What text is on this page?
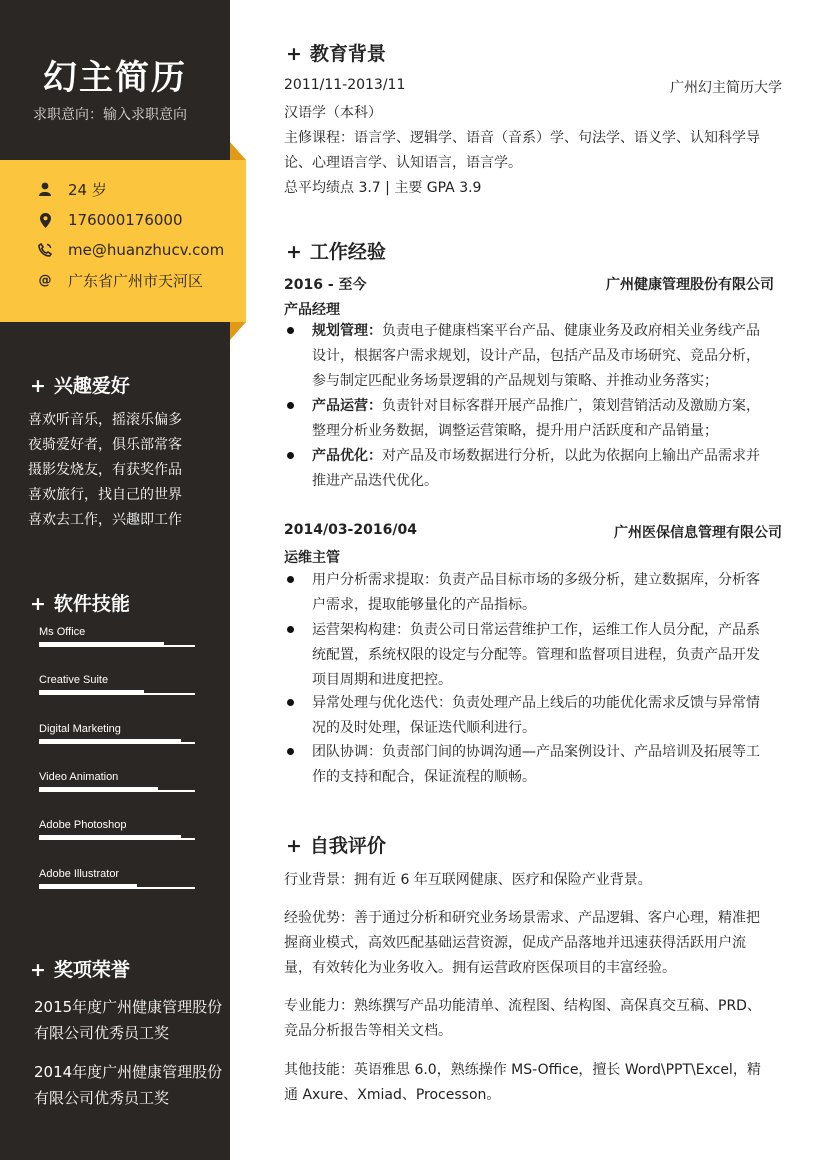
幻主简历
求职意向：输入求职意向
24 岁
176000176000
me@huanzhucv.com
@ 广东省广州市天河区
+ 兴趣爱好
喜欢听音乐，摇滚乐偏多
夜骑爱好者，俱乐部常客
摄影发烧友，有获奖作品
喜欢旅行，找自己的世界
喜欢去工作，兴趣即工作
+ 软件技能
Ms Office
Creative Suite
Digital Marketing
Video Animation
Adobe Photoshop
Adobe Illustrator
+ 奖项荣誉
2015年度广州健康管理股份
有限公司优秀员工奖
2014年度广州健康管理股份
有限公司优秀员工奖
+ 教育背景
2011/11-2013/11	广州幻主简历大学
汉语学（本科）
主修课程：语言学、逻辑学、语音（音系）学、句法学、语义学、认知科学导
论、心理语言学、认知语言，语言学。
总平均绩点 3.7 | 主要 GPA 3.9
+ 工作经验
2016 - 至今	广州健康管理股份有限公司
产品经理
规划管理：负责电子健康档案平台产品、健康业务及政府相关业务线产品
设计，根据客户需求规划，设计产品，包括产品及市场研究、竞品分析，
参与制定匹配业务场景逻辑的产品规划与策略、并推动业务落实；
产品运营：负责针对目标客群开展产品推广，策划营销活动及激励方案，
整理分析业务数据，调整运营策略，提升用户活跃度和产品销量；
产品优化：对产品及市场数据进行分析，以此为依据向上输出产品需求并
推进产品迭代优化。
2014/03-2016/04	广州医保信息管理有限公司
运维主管
用户分析需求提取：负责产品目标市场的多级分析，建立数据库，分析客
户需求，提取能够量化的产品指标。
运营架构构建：负责公司日常运营维护工作，运维工作人员分配，产品系
统配置，系统权限的设定与分配等。管理和监督项目进程，负责产品开发
项目周期和进度把控。
异常处理与优化迭代：负责处理产品上线后的功能优化需求反馈与异常情
况的及时处理，保证迭代顺利进行。
团队协调：负责部门间的协调沟通—产品案例设计、产品培训及拓展等工
作的支持和配合，保证流程的顺畅。
+ 自我评价
行业背景：拥有近 6 年互联网健康、医疗和保险产业背景。
经验优势：善于通过分析和研究业务场景需求、产品逻辑、客户心理，精准把
握商业模式，高效匹配基础运营资源，促成产品落地并迅速获得活跃用户流
量，有效转化为业务收入。拥有运营政府医保项目的丰富经验。
专业能力：熟练撰写产品功能清单、流程图、结构图、高保真交互稿、PRD、
竞品分析报告等相关文档。
其他技能：英语雅思 6.0，熟练操作 MS-Office，擅长 Word\PPT\Excel，精
通 Axure、Xmiad、Processon。
